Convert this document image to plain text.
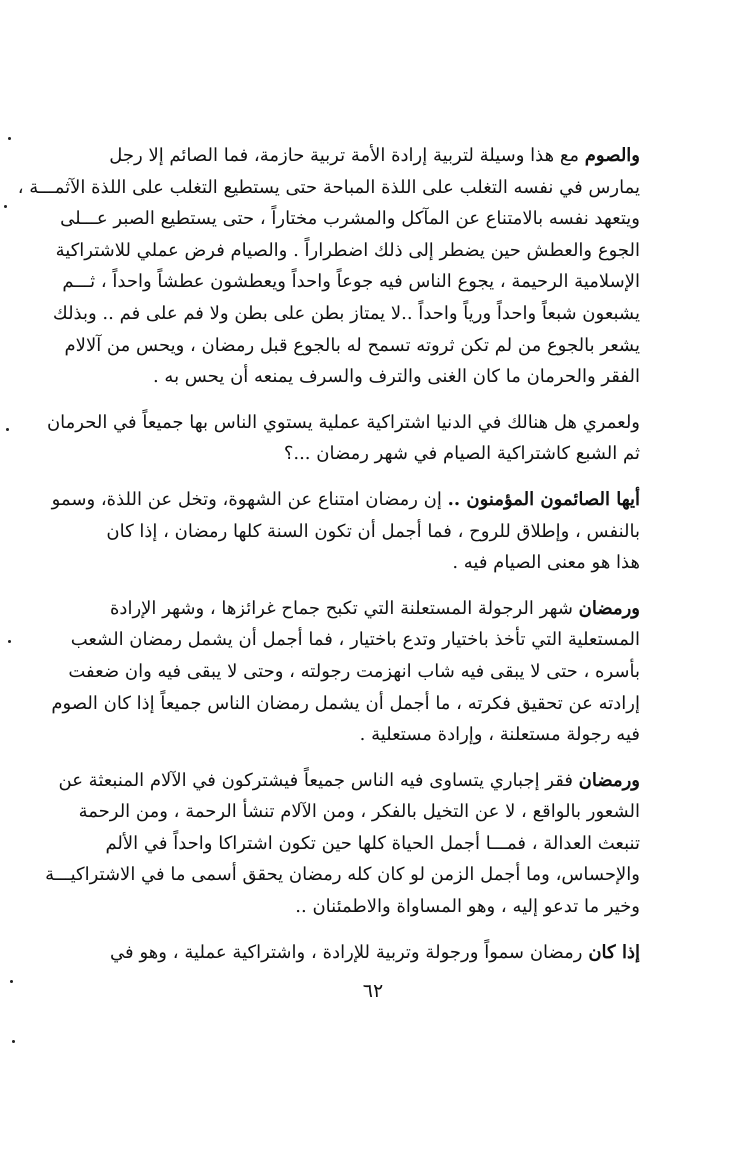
والصوم مع هذا وسيلة لتربية إرادة الأمة تربية حازمة، فما الصائم إلا رجل
يمارس في نفسه التغلب على اللذة المباحة حتى يستطيع التغلب على اللذة الآثمـــة ،
ويتعهد نفسه بالامتناع عن المآكل والمشرب مختاراً ، حتى يستطيع الصبر عـــلى
الجوع والعطش حين يضطر إلى ذلك اضطراراً . والصيام فرض عملي للاشتراكية
الإسلامية الرحيمة ، يجوع الناس فيه جوعاً واحداً ويعطشون عطشاً واحداً ، ثـــم
يشبعون شبعاً واحداً ورياً واحداً ..لا يمتاز بطن على بطن ولا فم على فم .. وبذلك
يشعر بالجوع من لم تكن ثروته تسمح له بالجوع قبل رمضان ، ويحس من آلالام
الفقر والحرمان ما كان الغنى والترف والسرف يمنعه أن يحس به .
ولعمري هل هنالك في الدنيا اشتراكية عملية يستوي الناس بها جميعاً في الحرمان
ثم الشبع كاشتراكية الصيام في شهر رمضان ...؟
أيها الصائمون المؤمنون .. إن رمضان امتناع عن الشهوة، وتخل عن اللذة، وسمو
بالنفس ، وإطلاق للروح ، فما أجمل أن تكون السنة كلها رمضان ، إذا كان
هذا هو معنى الصيام فيه .
ورمضان شهر الرجولة المستعلنة التي تكبح جماح غرائزها ، وشهر الإرادة
المستعلية التي تأخذ باختيار وتدع باختيار ، فما أجمل أن يشمل رمضان الشعب
بأسره ، حتى لا يبقى فيه شاب انهزمت رجولته ، وحتى لا يبقى فيه وان ضعفت
إرادته عن تحقيق فكرته ، ما أجمل أن يشمل رمضان الناس جميعاً إذا كان الصوم
فيه رجولة مستعلنة ، وإرادة مستعلية .
ورمضان فقر إجباري يتساوى فيه الناس جميعاً فيشتركون في الآلام المنبعثة عن
الشعور بالواقع ، لا عن التخيل بالفكر ، ومن الآلام تنشأ الرحمة ، ومن الرحمة
تنبعث العدالة ، فمـــا أجمل الحياة كلها حين تكون اشتراكا واحداً في الألم
والإحساس، وما أجمل الزمن لو كان كله رمضان يحقق أسمى ما في الاشتراكيـــة
وخير ما تدعو إليه ، وهو المساواة والاطمئنان ..
إذا كان رمضان سمواً ورجولة وتربية للإرادة ، واشتراكية عملية ، وهو في
٦٢
